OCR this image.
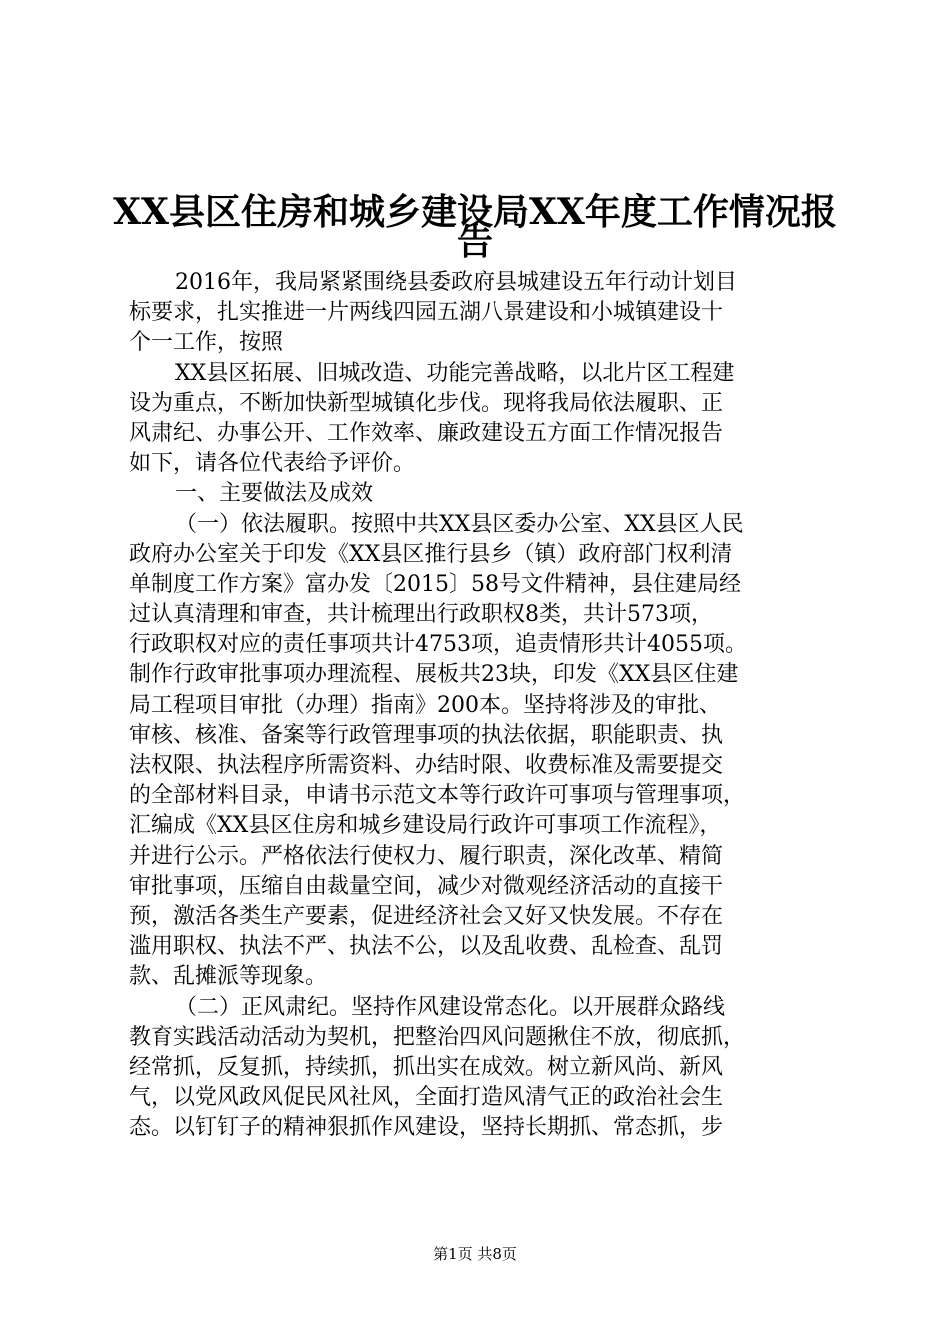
XX县区住房和城乡建设局XX年度工作情况报
告
2016年，我局紧紧围绕县委政府县城建设五年行动计划目
标要求，扎实推进一片两线四园五湖八景建设和小城镇建设十
个一工作，按照
XX县区拓展、旧城改造、功能完善战略，以北片区工程建
设为重点，不断加快新型城镇化步伐。现将我局依法履职、正
风肃纪、办事公开、工作效率、廉政建设五方面工作情况报告
如下，请各位代表给予评价。
一、主要做法及成效
（一）依法履职。按照中共XX县区委办公室、XX县区人民
政府办公室关于印发《XX县区推行县乡（镇）政府部门权利清
单制度工作方案》富办发〔2015〕58号文件精神，县住建局经
过认真清理和审查，共计梳理出行政职权8类，共计573项，
行政职权对应的责任事项共计4753项，追责情形共计4055项。
制作行政审批事项办理流程、展板共23块，印发《XX县区住建
局工程项目审批（办理）指南》200本。坚持将涉及的审批、
审核、核准、备案等行政管理事项的执法依据，职能职责、执
法权限、执法程序所需资料、办结时限、收费标准及需要提交
的全部材料目录，申请书示范文本等行政许可事项与管理事项，
汇编成《XX县区住房和城乡建设局行政许可事项工作流程》，
并进行公示。严格依法行使权力、履行职责，深化改革、精简
审批事项，压缩自由裁量空间，减少对微观经济活动的直接干
预，激活各类生产要素，促进经济社会又好又快发展。不存在
滥用职权、执法不严、执法不公，以及乱收费、乱检查、乱罚
款、乱摊派等现象。
（二）正风肃纪。坚持作风建设常态化。以开展群众路线
教育实践活动活动为契机，把整治四风问题揪住不放，彻底抓，
经常抓，反复抓，持续抓，抓出实在成效。树立新风尚、新风
气，以党风政风促民风社风，全面打造风清气正的政治社会生
态。以钉钉子的精神狠抓作风建设，坚持长期抓、常态抓，步
第1页 共8页
